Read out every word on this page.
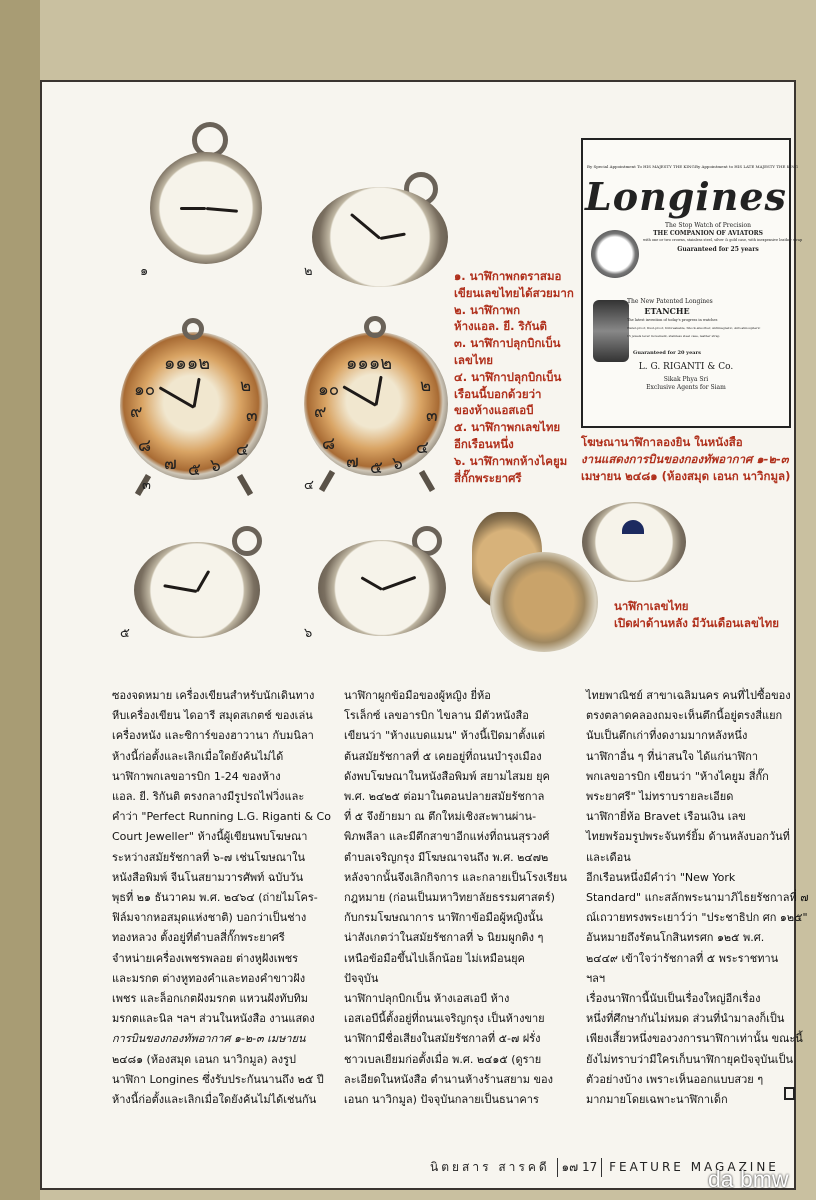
๑	๒
๑๑๑๒
๑๐	๒
๙	๓
๘	๔
๗ ๖
๕
๓
๑๑๑๒
๑๐	๒
๙	๓
๘	๔
๗ ๖
๕
๔
๕	๖
๑. นาฬิกาพกตราสมอ
เขียนเลขไทยได้สวยมาก
๒. นาฬิกาพก
ห้างแอล. ยี. ริกันติ
๓. นาฬิกาปลุกบิกเบ็น
เลขไทย
๔. นาฬิกาปลุกบิกเบ็น
เรือนนี้บอกด้วยว่า
ของห้างแอสเอบี
๕. นาฬิกาพกเลขไทย
อีกเรือนหนึ่ง
๖. นาฬิกาพกห้างไคยูม
สี่กั๊กพระยาศรี
By Special Appointment To HIS MAJESTY THE KING By Appointment to HIS LATE MAJESTY THE KING
Longines
The Stop Watch of Precision
THE COMPANION OF AVIATORS
with one or two crowns, stainless steel, silver & gold case, with inexpensive leather strap
Guaranteed for 25 years
The New Patented Longines
ETANCHE
The latest invention of today's progress in watches
Water-proof, Dust-proof, Unbreakable, Shock-absorber, Antimagnetic, Anti-atmospheric
15 jewels lever movement, stainless steel case, leather strap
Guaranteed for 20 years
L. G. RIGANTI & Co.
Sikak Phya Sri
Exclusive Agents for Siam
โฆษณานาฬิกาลองยิน ในหนังสือ
งานแสดงการบินของกองทัพอากาศ ๑-๒-๓
เมษายน ๒๔๘๑ (ห้องสมุด เอนก นาวิกมูล)
นาฬิกาเลขไทย
เปิดฝาด้านหลัง มีวันเดือนเลขไทย

ซองจดหมาย เครื่องเขียนสำหรับนักเดินทาง

หีบเครื่องเขียน ไดอารี สมุดสเกตช์ ของเล่น

เครื่องหนัง และซิการ์ของฮาวานา กับมนิลา

ห้างนี้ก่อตั้งและเลิกเมื่อใดยังค้นไม่ได้

นาฬิกาพกเลขอารบิก 1-24 ของห้าง

แอล. ยี. ริกันติ ตรงกลางมีรูปรถไฟวิ่งและ

คำว่า "Perfect Running L.G. Riganti & Co

Court Jeweller" ห้างนี้ผู้เขียนพบโฆษณา

ระหว่างสมัยรัชกาลที่ ๖-๗ เช่นโฆษณาใน

หนังสือพิมพ์ จีนโนสยามวารศัพท์ ฉบับวัน

พุธที่ ๒๑ ธันวาคม พ.ศ. ๒๔๖๔ (ถ่ายไมโคร-

ฟิล์มจากหอสมุดแห่งชาติ) บอกว่าเป็นช่าง

ทองหลวง ตั้งอยู่ที่ตำบลสี่กั๊กพระยาศรี

จำหน่ายเครื่องเพชรพลอย ต่างหูฝังเพชร

และมรกต ต่างหูทองคำและทองคำขาวฝัง

เพชร และล็อกเกตฝังมรกต แหวนฝังทับทิม

มรกตและนิล ฯลฯ ส่วนในหนังสือ งานแสดง

การบินของกองทัพอากาศ ๑-๒-๓ เมษายน

๒๔๘๑ (ห้องสมุด เอนก นาวิกมูล) ลงรูป

นาฬิกา Longines ซึ่งรับประกันนานถึง ๒๕ ปี

ห้างนี้ก่อตั้งและเลิกเมื่อใดยังค้นไม่ได้เช่นกัน

นาฬิกาผูกข้อมือของผู้หญิง ยี่ห้อ

โรเล็กซ์ เลขอารบิก ไขลาน มีตัวหนังสือ

เขียนว่า "ห้างแบดแมน" ห้างนี้เปิดมาตั้งแต่

ต้นสมัยรัชกาลที่ ๕ เคยอยู่ที่ถนนบำรุงเมือง

ดังพบโฆษณาในหนังสือพิมพ์ สยามไสมย ยุค

พ.ศ. ๒๔๒๕ ต่อมาในตอนปลายสมัยรัชกาล

ที่ ๕ จึงย้ายมา ณ ตึกใหม่เชิงสะพานผ่าน-

พิภพลีลา และมีตึกสาขาอีกแห่งที่ถนนสุรวงศ์

ตำบลเจริญกรุง มีโฆษณาจนถึง พ.ศ. ๒๔๗๒

หลังจากนั้นจึงเลิกกิจการ และกลายเป็นโรงเรียน

กฎหมาย (ก่อนเป็นมหาวิทยาลัยธรรมศาสตร์)

กับกรมโฆษณาการ นาฬิกาข้อมือผู้หญิงนั้น

น่าสังเกตว่าในสมัยรัชกาลที่ ๖ นิยมผูกติง ๆ

เหนือข้อมือขึ้นไปเล็กน้อย ไม่เหมือนยุค

ปัจจุบัน

นาฬิกาปลุกบิกเบ็น ห้างเอสเอบี ห้าง

เอสเอบีนี้ตั้งอยู่ที่ถนนเจริญกรุง เป็นห้างขาย

นาฬิกามีชื่อเสียงในสมัยรัชกาลที่ ๕-๗ ฝรั่ง

ชาวเบลเยียมก่อตั้งเมื่อ พ.ศ. ๒๔๑๕ (ดูราย

ละเอียดในหนังสือ ตำนานห้างร้านสยาม ของ

เอนก นาวิกมูล) ปัจจุบันกลายเป็นธนาคาร

ไทยพาณิชย์ สาขาเฉลิมนคร คนที่ไปซื้อของ

ตรงตลาดคลองถมจะเห็นตึกนี้อยู่ตรงสี่แยก

นับเป็นตึกเก่าที่งดงามมากหลังหนึ่ง

นาฬิกาอื่น ๆ ที่น่าสนใจ ได้แก่นาฬิกา

พกเลขอารบิก เขียนว่า "ห้างไคยูม สี่กั๊ก

พระยาศรี" ไม่ทราบรายละเอียด

นาฬิกายี่ห้อ Bravet เรือนเงิน เลข

ไทยพร้อมรูปพระจันทร์ยิ้ม ด้านหลังบอกวันที่

และเดือน

อีกเรือนหนึ่งมีคำว่า "New York

Standard" แกะสลักพระนามาภิไธยรัชกาลที่ ๗

ณ์เถวายทรงพระเยาว์ว่า "ประชาธิปก ศก ๑๒๕"

อันหมายถึงรัตนโกสินทรศก ๑๒๕ พ.ศ.

๒๔๔๙ เข้าใจว่ารัชกาลที่ ๕ พระราชทาน

ฯลฯ

เรื่องนาฬิกานี้นับเป็นเรื่องใหญ่อีกเรื่อง

หนึ่งที่ศึกษากันไม่หมด ส่วนที่นำมาลงก็เป็น

เพียงเสี้ยวหนึ่งของวงการนาฬิกาเท่านั้น ขณะนี้

ยังไม่ทราบว่ามีใครเก็บนาฬิกายุคปัจจุบันเป็น

ตัวอย่างบ้าง เพราะเห็นออกแบบสวย ๆ

มากมายโดยเฉพาะนาฬิกาเด็ก

นิตยสาร สารคดี ๑๗ 17 FEATURE MAGAZINE
da bmw
